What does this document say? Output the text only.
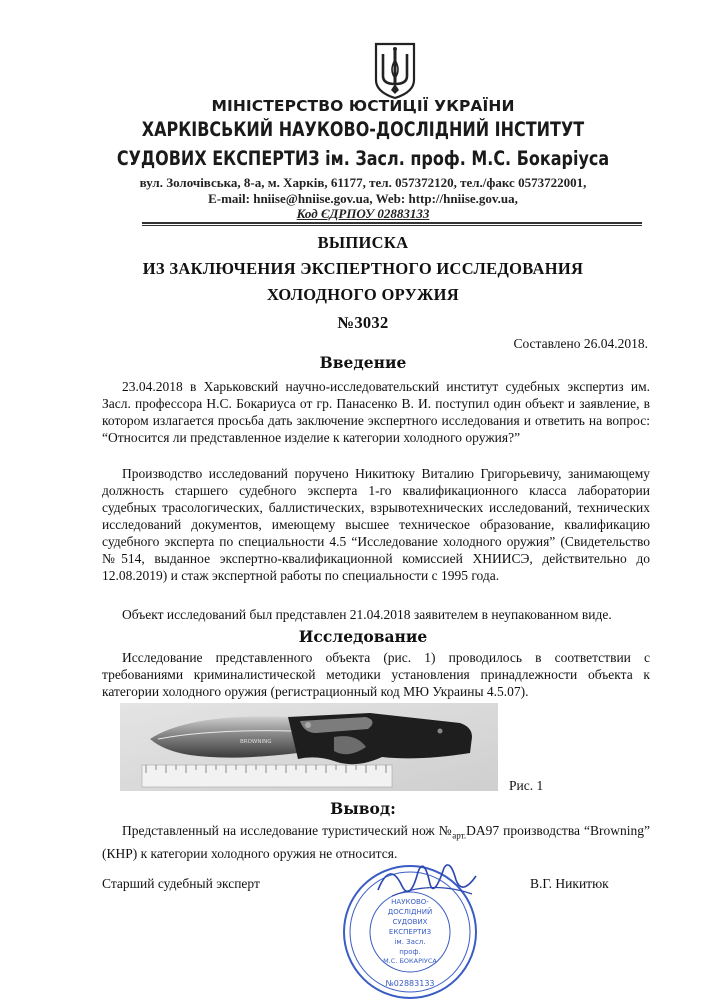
МІНІСТЕРСТВО ЮСТИЦІЇ УКРАЇНИ
ХАРКІВСЬКИЙ НАУКОВО-ДОСЛІДНИЙ ІНСТИТУТ
СУДОВИХ ЕКСПЕРТИЗ ім. Засл. проф. М.С. Бокаріуса
вул. Золочівська, 8-а, м. Харків, 61177, тел. 057372120, тел./факс 0573722001,
E-mail: hniise@hniise.gov.ua, Web: http://hniise.gov.ua,
Код ЄДРПОУ 02883133
ВЫПИСКА
ИЗ ЗАКЛЮЧЕНИЯ ЭКСПЕРТНОГО ИССЛЕДОВАНИЯ
ХОЛОДНОГО ОРУЖИЯ
№3032
Составлено 26.04.2018.
Введение
23.04.2018 в Харьковский научно-исследовательский институт судебных экспертиз им. Засл. профессора Н.С. Бокариуса от гр. Панасенко В. И. поступил один объект и заявление, в котором излагается просьба дать заключение экспертного исследования и ответить на вопрос: “Относится ли представленное изделие к категории холодного оружия?”
Производство исследований поручено Никитюку Виталию Григорьевичу, занимающему должность старшего судебного эксперта 1-го квалификационного класса лаборатории судебных трасологических, баллистических, взрывотехнических исследований, технических исследований документов, имеющему высшее техническое образование, квалификацию судебного эксперта по специальности 4.5 “Исследование холодного оружия” (Свидетельство №514, выданное экспертно-квалификационной комиссией ХНИИСЭ, действительно до 12.08.2019) и стаж экспертной работы по специальности с 1995 года.
Объект исследований был представлен 21.04.2018 заявителем в неупакованном виде.
Исследование
Исследование представленного объекта (рис. 1) проводилось в соответствии с требованиями криминалистической методики установления принадлежности объекта к категории холодного оружия (регистрационный код МЮ Украины 4.5.07).
BROWNING
Рис. 1
Вывод:
Представленный на исследование туристический нож $№_{арт.}DA97$ производства “Browning” (КНР) к категории холодного оружия не относится.
Старший судебный эксперт	В.Г. Никитюк
НАУКОВО-
ДОСЛІДНИЙ
СУДОВИХ
ЕКСПЕРТИЗ
ім. Засл.
проф.
М.С. БОКАРІУСА
№02883133
